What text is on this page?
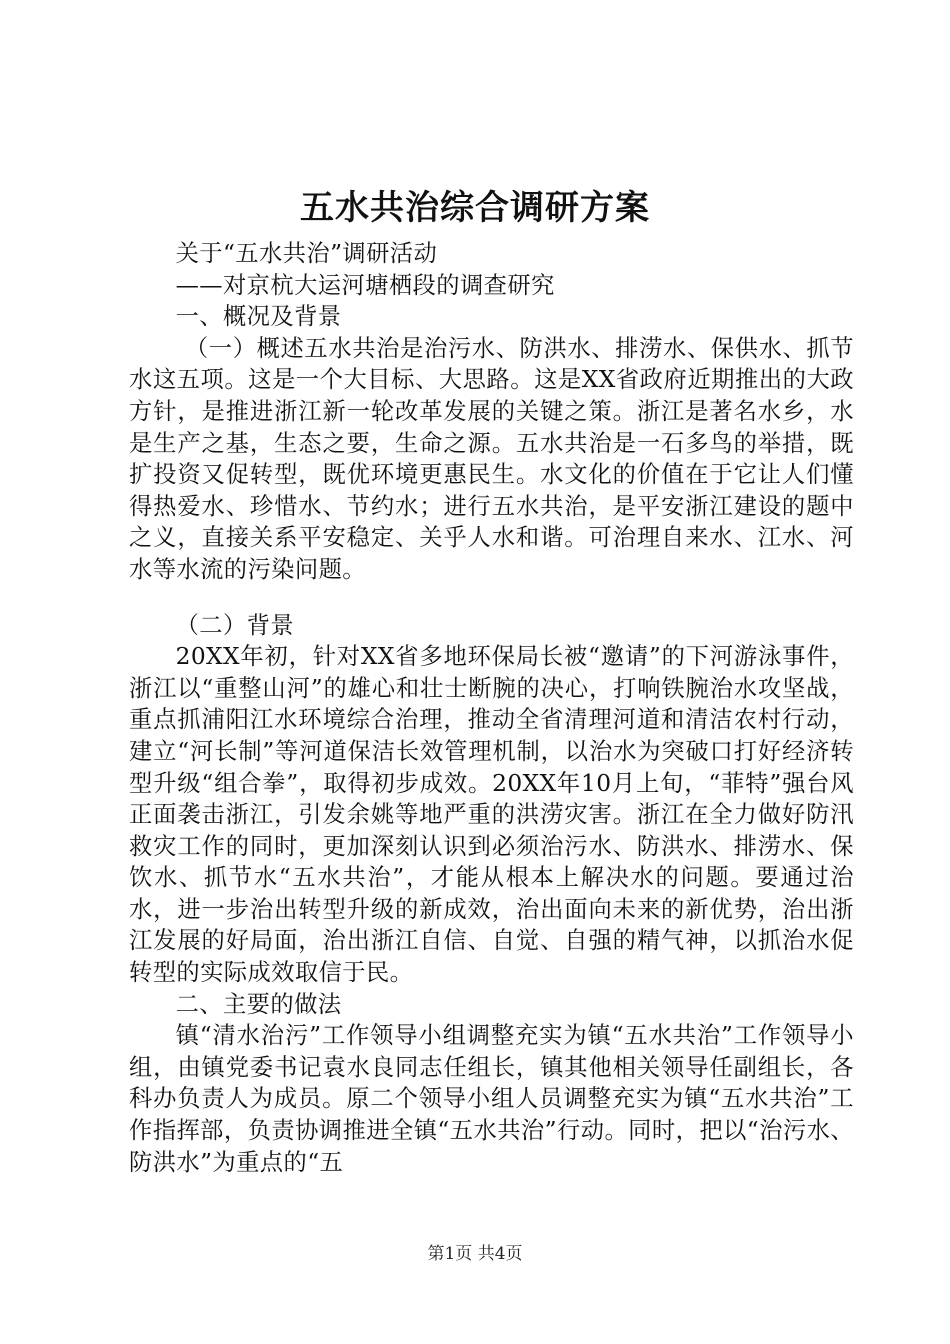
五水共治综合调研方案

关于“五水共治”调研活动

——对京杭大运河塘栖段的调查研究

一、概况及背景

（一）概述五水共治是治污水、防洪水、排涝水、保供水、抓节水这五项。这是一个大目标、大思路。这是XX省政府近期推出的大政方针，是推进浙江新一轮改革发展的关键之策。浙江是著名水乡，水是生产之基，生态之要，生命之源。五水共治是一石多鸟的举措，既扩投资又促转型，既优环境更惠民生。水文化的价值在于它让人们懂得热爱水、珍惜水、节约水；进行五水共治，是平安浙江建设的题中之义，直接关系平安稳定、关乎人水和谐。可治理自来水、江水、河水等水流的污染问题。

（二）背景

20XX年初，针对XX省多地环保局长被“邀请”的下河游泳事件，浙江以“重整山河”的雄心和壮士断腕的决心，打响铁腕治水攻坚战，重点抓浦阳江水环境综合治理，推动全省清理河道和清洁农村行动，建立“河长制”等河道保洁长效管理机制，以治水为突破口打好经济转型升级“组合拳”，取得初步成效。20XX年10月上旬，“菲特”强台风正面袭击浙江，引发余姚等地严重的洪涝灾害。浙江在全力做好防汛救灾工作的同时，更加深刻认识到必须治污水、防洪水、排涝水、保饮水、抓节水“五水共治”，才能从根本上解决水的问题。要通过治水，进一步治出转型升级的新成效，治出面向未来的新优势，治出浙江发展的好局面，治出浙江自信、自觉、自强的精气神，以抓治水促转型的实际成效取信于民。

二、主要的做法

镇“清水治污”工作领导小组调整充实为镇“五水共治”工作领导小组，由镇党委书记袁水良同志任组长，镇其他相关领导任副组长，各科办负责人为成员。原二个领导小组人员调整充实为镇“五水共治”工作指挥部，负责协调推进全镇“五水共治”行动。同时，把以“治污水、防洪水”为重点的“五

第1页 共4页
